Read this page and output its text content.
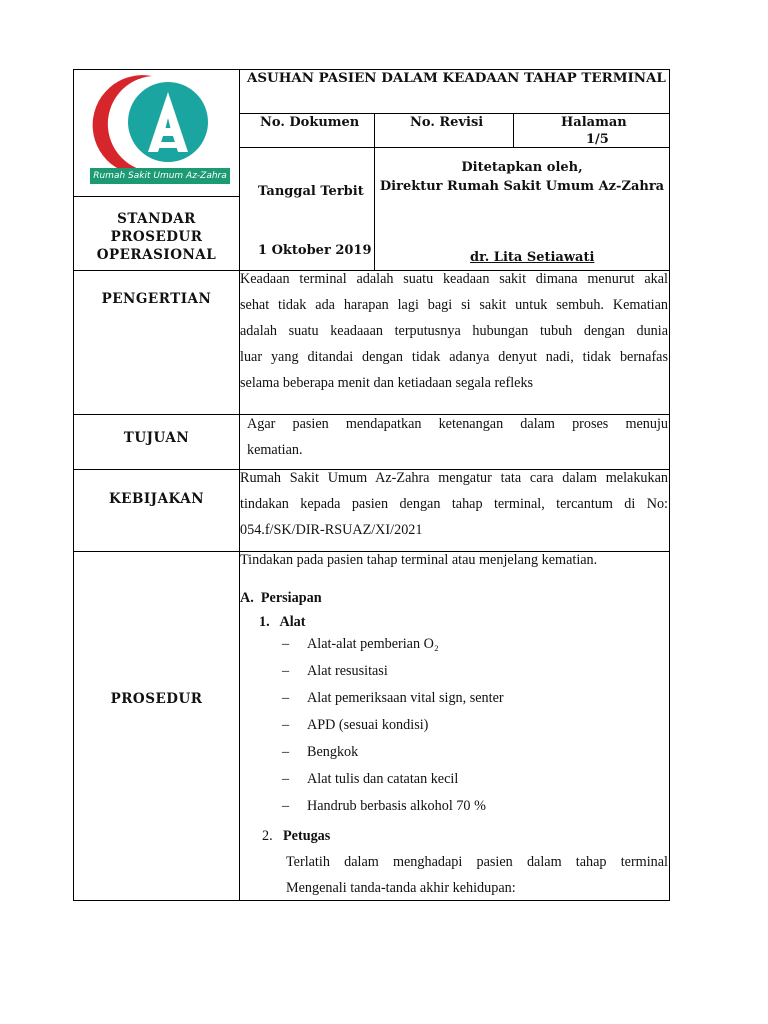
Rumah Sakit Umum Az-Zahra
STANDAR
PROSEDUR
OPERASIONAL
ASUHAN PASIEN DALAM KEADAAN TAHAP TERMINAL
No. Dokumen	No. Revisi	Halaman
1/5
Tanggal Terbit
1 Oktober 2019
Ditetapkan oleh,
Direktur Rumah Sakit Umum Az-Zahra
dr. Lita Setiawati
PENGERTIAN
Keadaan terminal adalah suatu keadaan sakit dimana menurut akal
sehat tidak ada harapan lagi bagi si sakit untuk sembuh. Kematian
adalah suatu keadaaan terputusnya hubungan tubuh dengan dunia
luar yang ditandai dengan tidak adanya denyut nadi, tidak bernafas
selama beberapa menit dan ketiadaan segala refleks
TUJUAN
Agar pasien mendapatkan ketenangan dalam proses menuju
kematian.
KEBIJAKAN
Rumah Sakit Umum Az-Zahra mengatur tata cara dalam melakukan
tindakan kepada pasien dengan tahap terminal, tercantum di No:
054.f/SK/DIR-RSUAZ/XI/2021
PROSEDUR
Tindakan pada pasien tahap terminal atau menjelang kematian.
A.  Persiapan
1.   Alat
– Alat-alat pemberian O₂
– Alat resusitasi
– Alat pemeriksaan vital sign, senter
– APD (sesuai kondisi)
– Bengkok
– Alat tulis dan catatan kecil
– Handrub berbasis alkohol 70 %
2. Petugas
Terlatih dalam menghadapi pasien dalam tahap terminal
Mengenali tanda-tanda akhir kehidupan:
